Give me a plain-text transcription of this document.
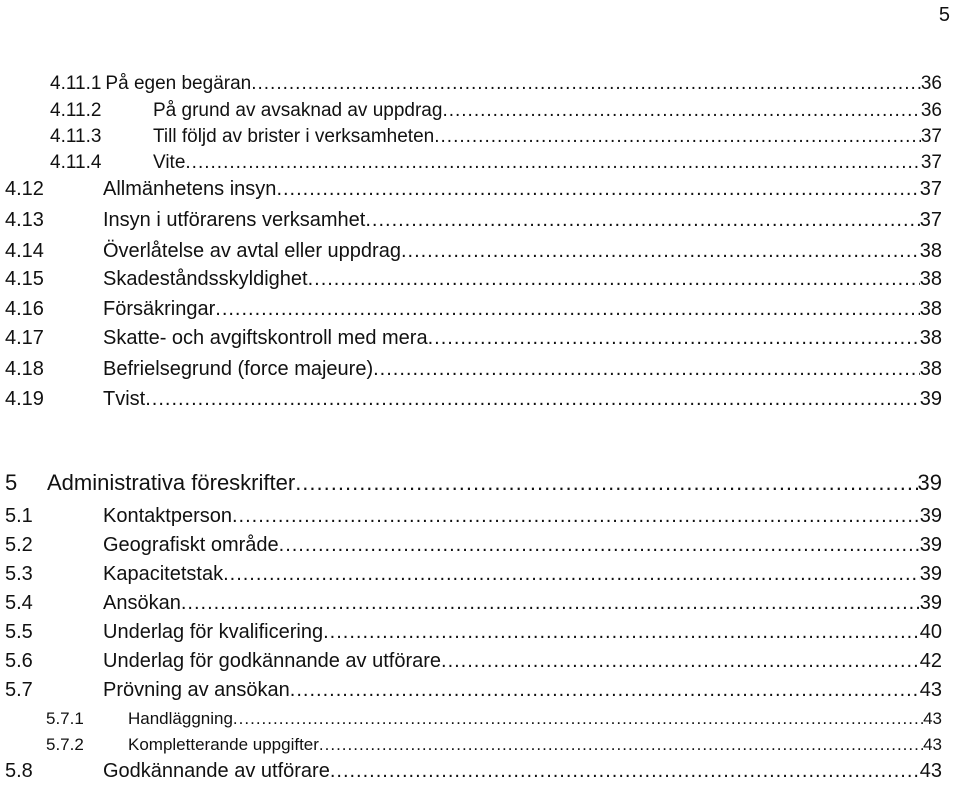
5
4.11.1 På egen begäran .....	36
4.11.2	På grund av avsaknad av uppdrag .....	36
4.11.3	Till följd av brister i verksamheten .....	37
4.11.4	Vite .....	37
4.12	Allmänhetens insyn .....	37
4.13	Insyn i utförarens verksamhet .....	37
4.14	Överlåtelse av avtal eller uppdrag .....	38
4.15	Skadeståndsskyldighet .....	38
4.16	Försäkringar .....	38
4.17	Skatte- och avgiftskontroll med mera .....	38
4.18	Befrielsegrund (force majeure) .....	38
4.19	Tvist .....	39
5	Administrativa föreskrifter .....	39
5.1	Kontaktperson .....	39
5.2	Geografiskt område .....	39
5.3	Kapacitetstak .....	39
5.4	Ansökan .....	39
5.5	Underlag för kvalificering .....	40
5.6	Underlag för godkännande av utförare .....	42
5.7	Prövning av ansökan .....	43
5.7.1	Handläggning .....	43
5.7.2	Kompletterande uppgifter .....	43
5.8	Godkännande av utförare .....	43
